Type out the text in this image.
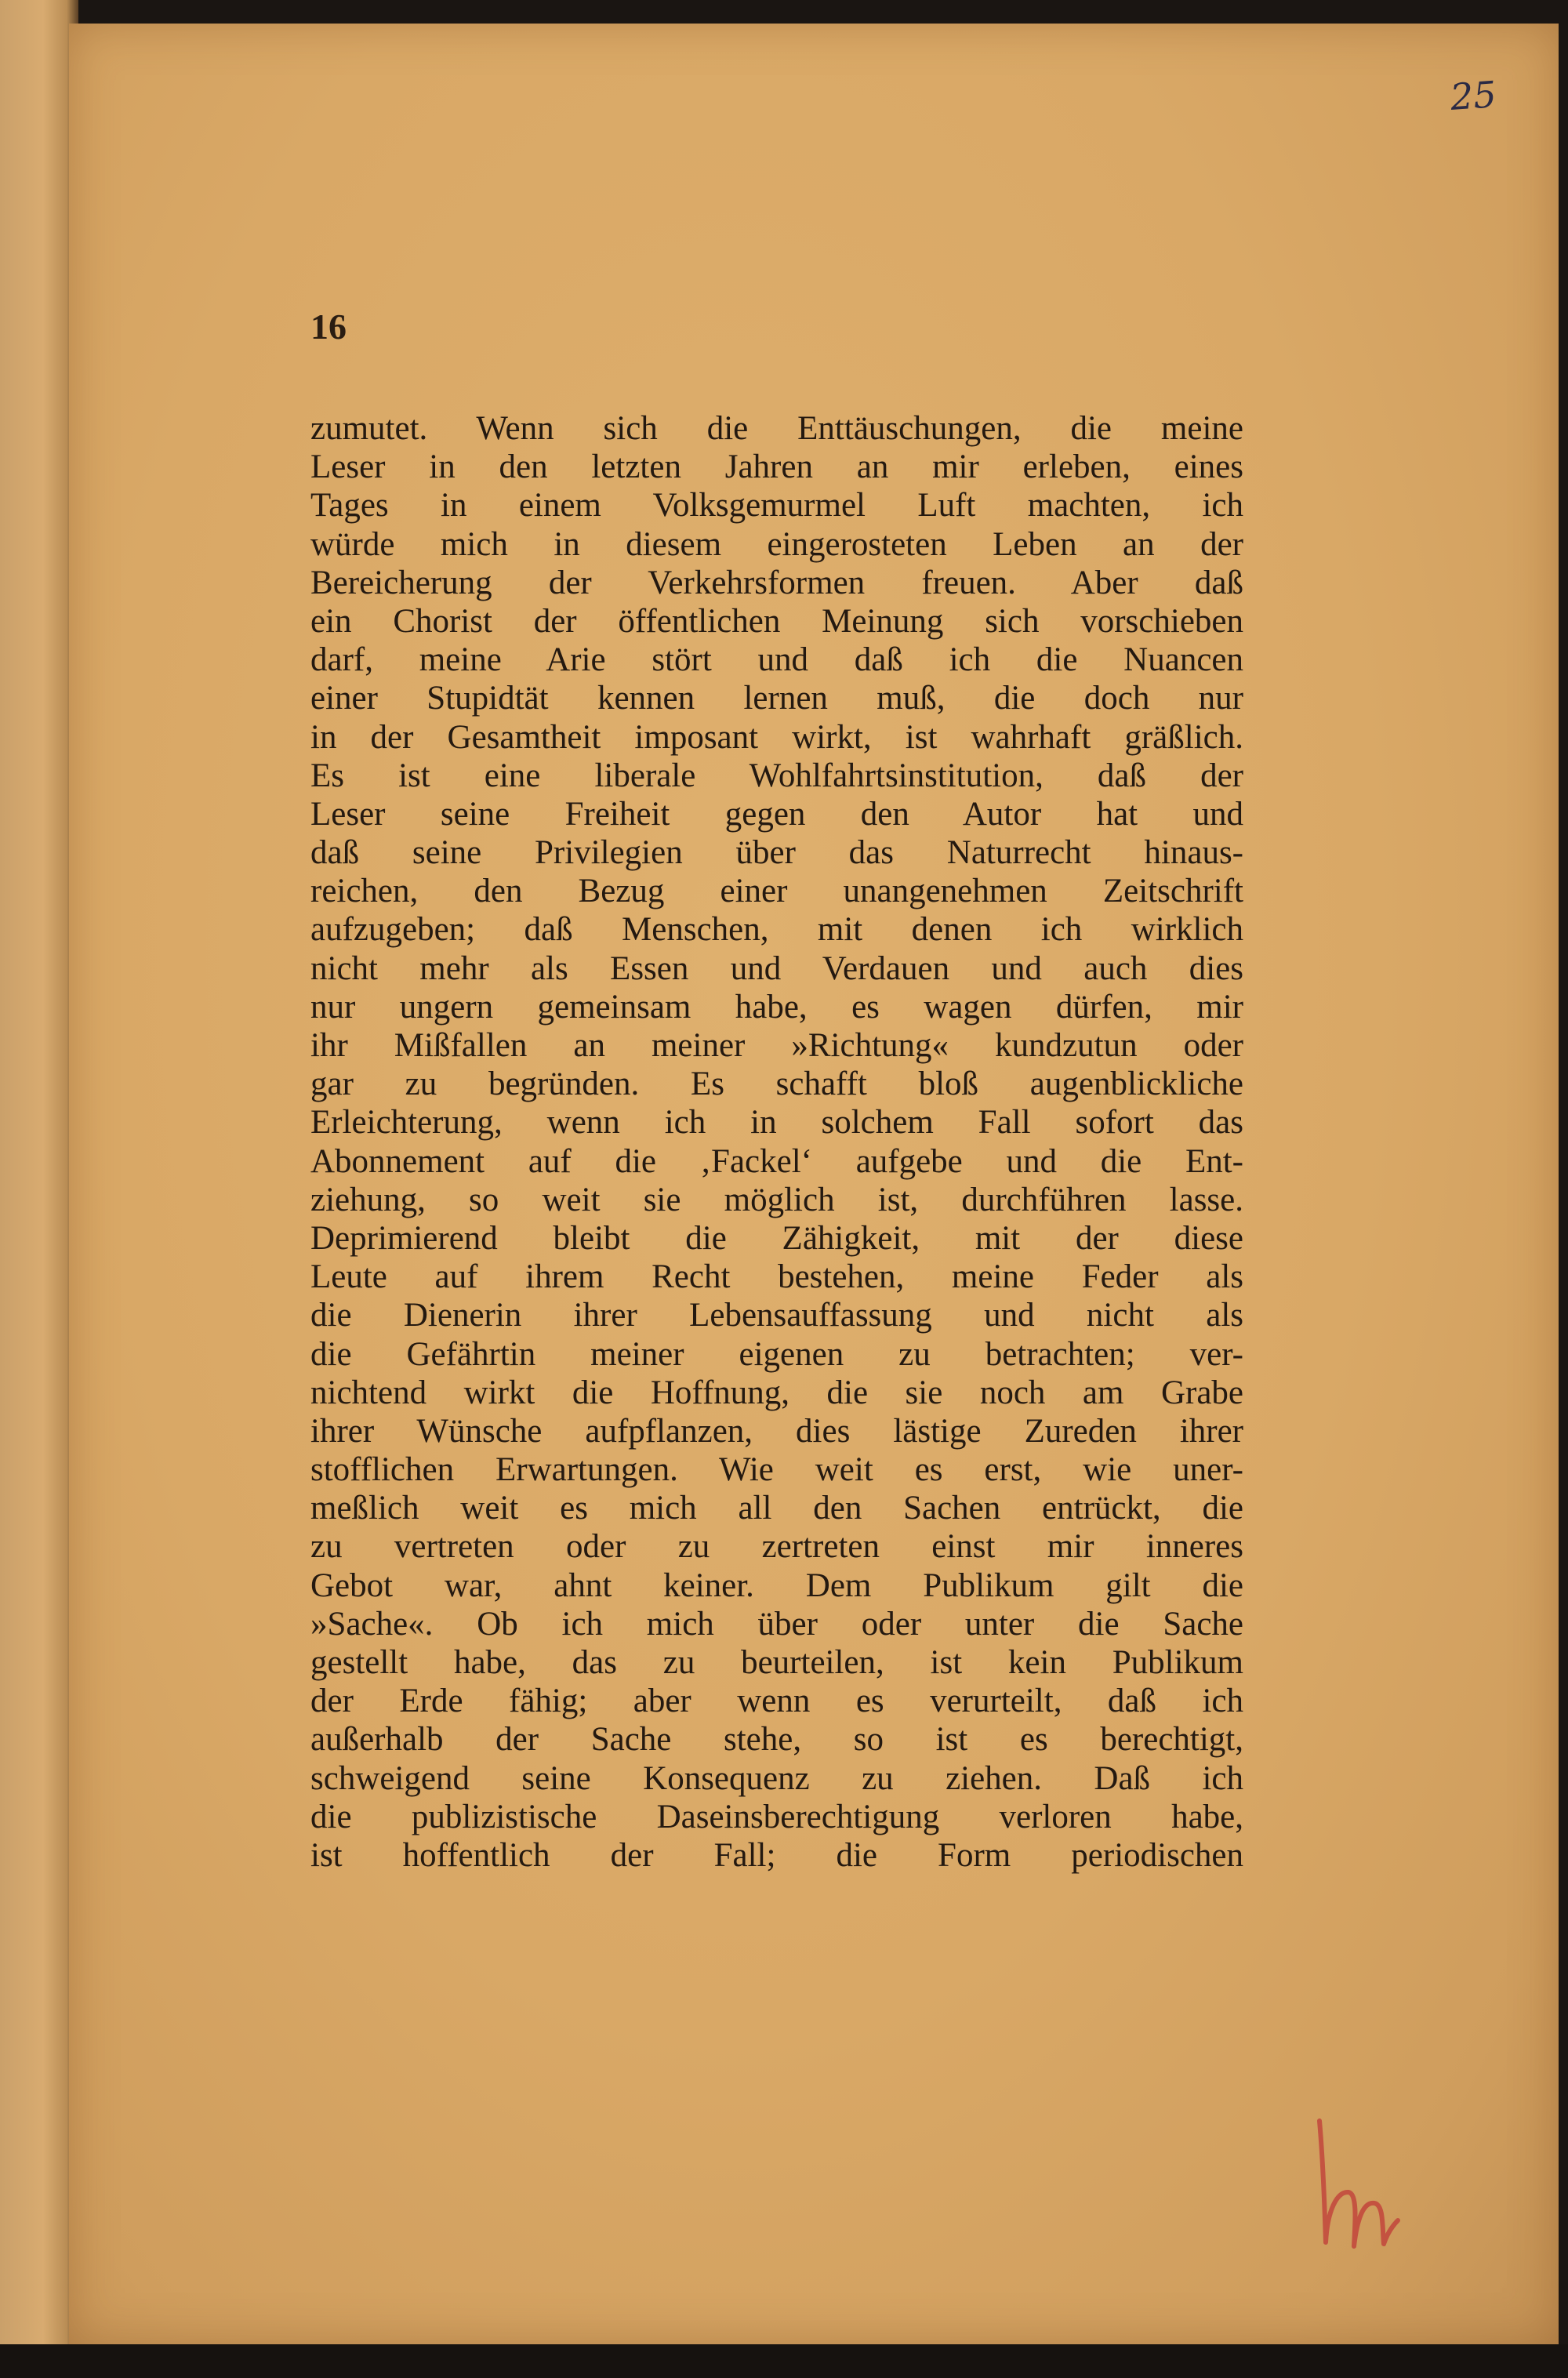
25
16
zumutet. Wenn sich die Enttäuschungen, die meine
Leser in den letzten Jahren an mir erleben, eines
Tages in einem Volksgemurmel Luft machten, ich
würde mich in diesem eingerosteten Leben an der
Bereicherung der Verkehrsformen freuen. Aber daß
ein Chorist der öffentlichen Meinung sich vorschieben
darf, meine Arie stört und daß ich die Nuancen
einer Stupidtät kennen lernen muß, die doch nur
in der Gesamtheit imposant wirkt, ist wahrhaft gräßlich.
Es ist eine liberale Wohlfahrtsinstitution, daß der
Leser seine Freiheit gegen den Autor hat und
daß seine Privilegien über das Naturrecht hinaus-
reichen, den Bezug einer unangenehmen Zeitschrift
aufzugeben; daß Menschen, mit denen ich wirklich
nicht mehr als Essen und Verdauen und auch dies
nur ungern gemeinsam habe, es wagen dürfen, mir
ihr Mißfallen an meiner »Richtung« kundzutun oder
gar zu begründen. Es schafft bloß augenblickliche
Erleichterung, wenn ich in solchem Fall sofort das
Abonnement auf die ‚Fackel‘ aufgebe und die Ent-
ziehung, so weit sie möglich ist, durchführen lasse.
Deprimierend bleibt die Zähigkeit, mit der diese
Leute auf ihrem Recht bestehen, meine Feder als
die Dienerin ihrer Lebensauffassung und nicht als
die Gefährtin meiner eigenen zu betrachten; ver-
nichtend wirkt die Hoffnung, die sie noch am Grabe
ihrer Wünsche aufpflanzen, dies lästige Zureden ihrer
stofflichen Erwartungen. Wie weit es erst, wie uner-
meßlich weit es mich all den Sachen entrückt, die
zu vertreten oder zu zertreten einst mir inneres
Gebot war, ahnt keiner. Dem Publikum gilt die
»Sache«. Ob ich mich über oder unter die Sache
gestellt habe, das zu beurteilen, ist kein Publikum
der Erde fähig; aber wenn es verurteilt, daß ich
außerhalb der Sache stehe, so ist es berechtigt,
schweigend seine Konsequenz zu ziehen. Daß ich
die publizistische Daseinsberechtigung verloren habe,
ist hoffentlich der Fall; die Form periodischen
